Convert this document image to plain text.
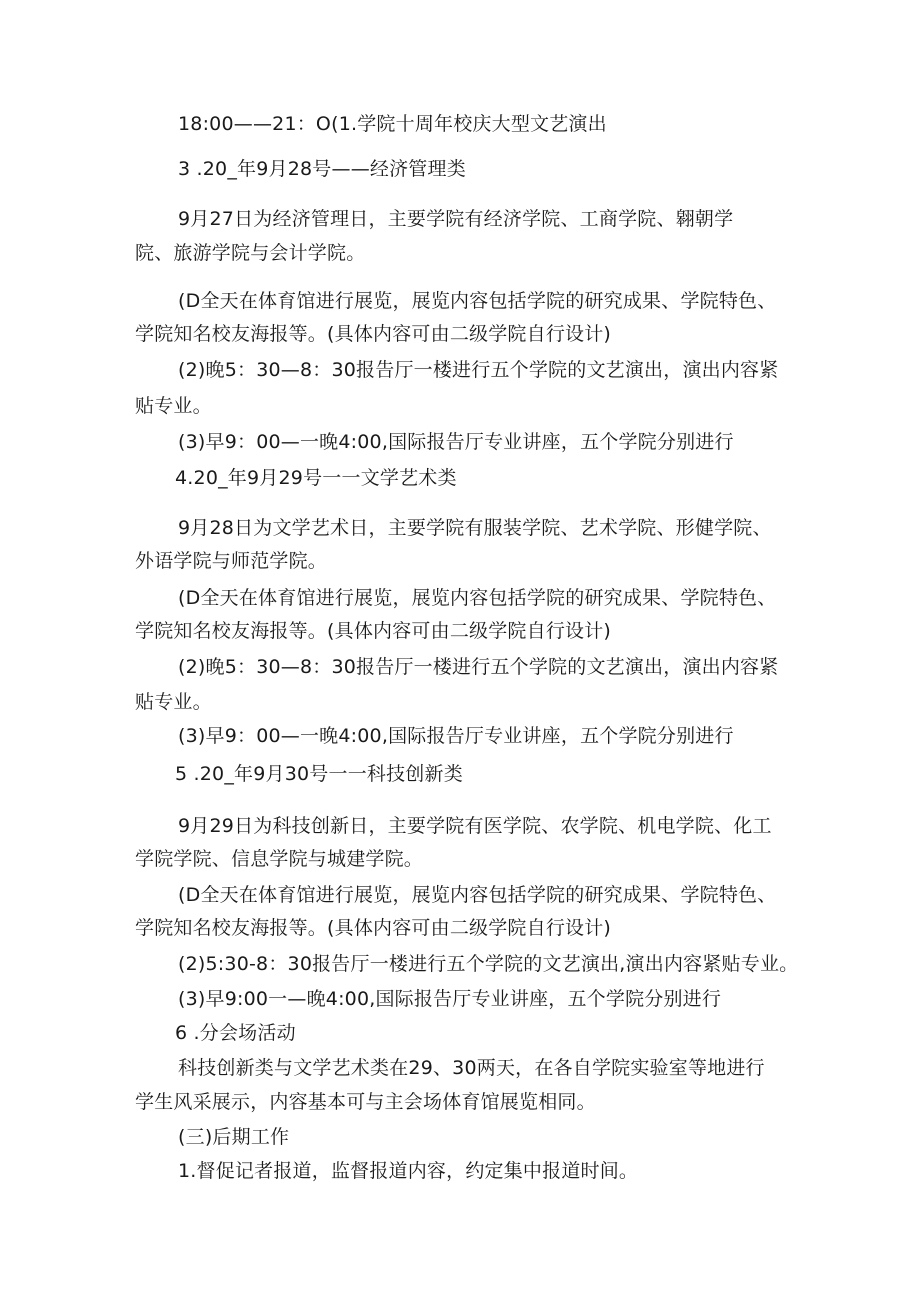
18:00——21：O(1.学院十周年校庆大型文艺演出
3 .20_年9月28号——经济管理类
9月27日为经济管理日，主要学院有经济学院、工商学院、翱朝学
院、旅游学院与会计学院。
(D全天在体育馆进行展览，展览内容包括学院的研究成果、学院特色、
学院知名校友海报等。(具体内容可由二级学院自行设计)
(2)晚5：30—8：30报告厅一楼进行五个学院的文艺演出，演出内容紧
贴专业。
(3)早9：00—一晚4:00,国际报告厅专业讲座，五个学院分别进行
4.20_年9月29号一一文学艺术类
9月28日为文学艺术日，主要学院有服装学院、艺术学院、形健学院、
外语学院与师范学院。
(D全天在体育馆进行展览，展览内容包括学院的研究成果、学院特色、
学院知名校友海报等。(具体内容可由二级学院自行设计)
(2)晚5：30—8：30报告厅一楼进行五个学院的文艺演出，演出内容紧
贴专业。
(3)早9：00—一晚4:00,国际报告厅专业讲座，五个学院分别进行
5 .20_年9月30号一一科技创新类
9月29日为科技创新日，主要学院有医学院、农学院、机电学院、化工
学院学院、信息学院与城建学院。
(D全天在体育馆进行展览，展览内容包括学院的研究成果、学院特色、
学院知名校友海报等。(具体内容可由二级学院自行设计)
(2)5:30-8：30报告厅一楼进行五个学院的文艺演出,演出内容紧贴专业。
(3)早9:00一—晚4:00,国际报告厅专业讲座，五个学院分别进行
6 .分会场活动
科技创新类与文学艺术类在29、30两天，在各自学院实验室等地进行
学生风采展示，内容基本可与主会场体育馆展览相同。
(三)后期工作
1.督促记者报道，监督报道内容，约定集中报道时间。
